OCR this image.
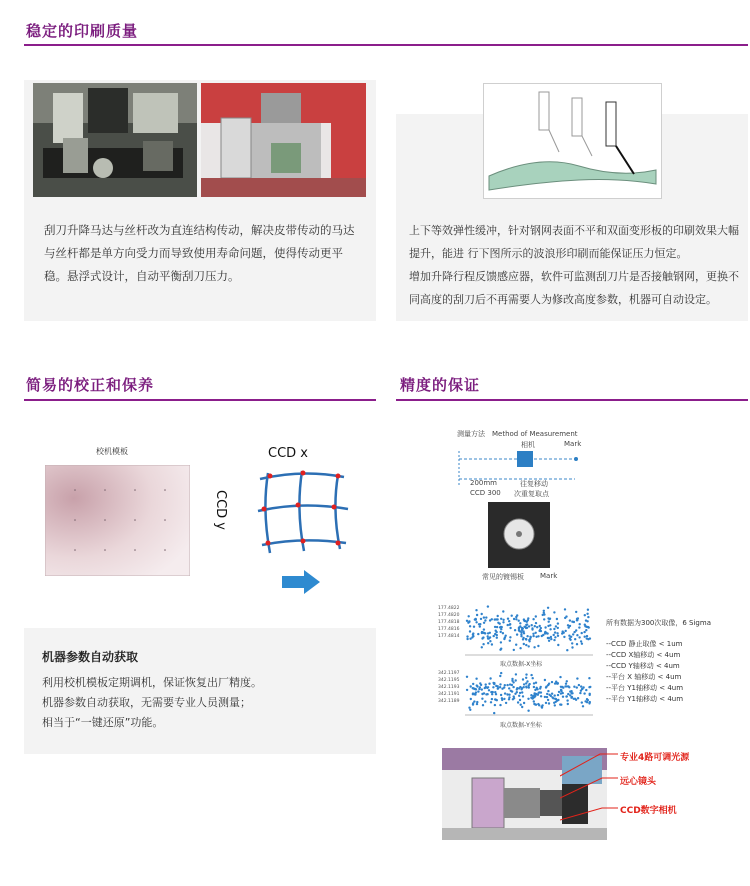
稳定的印刷质量
刮刀升降马达与丝杆改为直连结构传动，解决皮带传动的马达与丝杆都是单方向受力而导致使用寿命问题，使得传动更平稳。悬浮式设计，自动平衡刮刀压力。
上下等效弹性缓冲，针对钢网表面不平和双面变形板的印刷效果大幅提升，能进 行下图所示的波浪形印刷而能保证压力恒定。
增加升降行程反馈感应器，软件可监测刮刀片是否接触钢网，更换不同高度的刮刀后不再需要人为修改高度参数，机器可自动设定。
简易的校正和保养
校机模板	CCD x
CCD y
机器参数自动获取
利用校机模板定期调机，保证恢复出厂精度。
机器参数自动获取，无需要专业人员测量；
相当于“一键还原”功能。
精度的保证
测量方法　Method of Measurement
相机	Mark
200mm
CCD 300
往复移动
次重复取点
常见的镀锡板 Mark
取点数据-X坐标
取点数据-Y坐标
177.4822
177.4820
177.4818
177.4816
177.4814
342.1197
342.1195
342.1193
342.1191
342.1189
所有数据为300次取像，6 Sigma
--CCD 静止取像 < 1um
--CCD X轴移动 < 4um
--CCD Y轴移动 < 4um
--平台 X 轴移动 < 4um
--平台 Y1轴移动 < 4um
--平台 Y1轴移动 < 4um
专业4路可调光源
远心镜头
CCD数字相机
